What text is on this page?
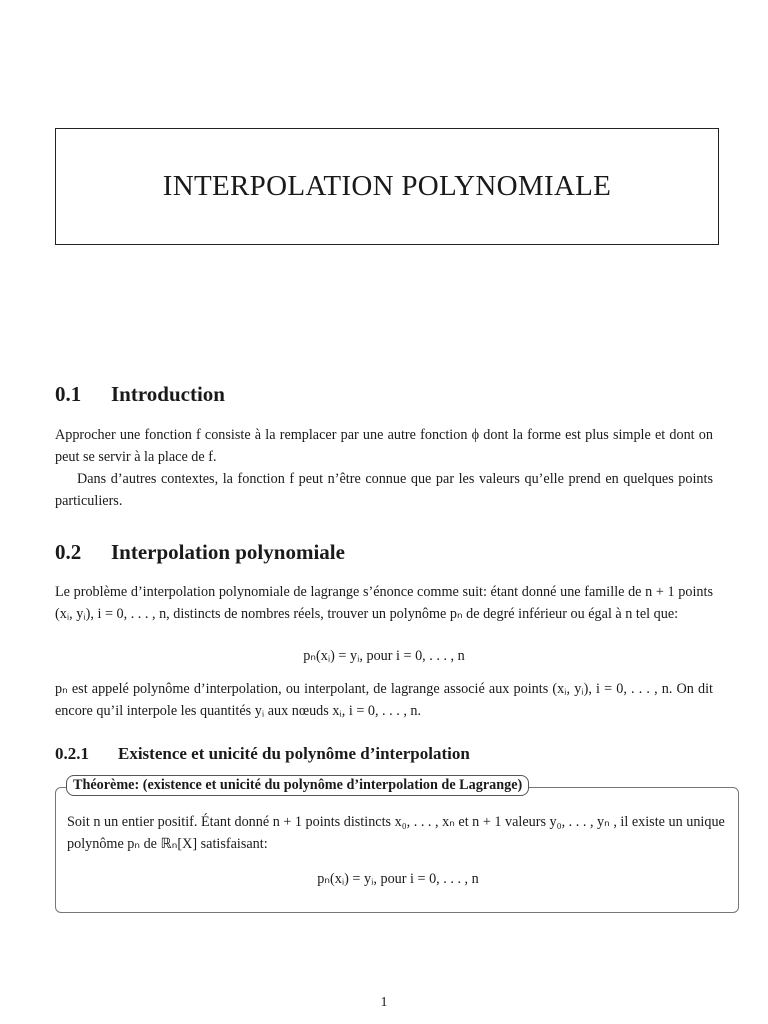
INTERPOLATION POLYNOMIALE
0.1 Introduction

Approcher une fonction f consiste à la remplacer par une autre fonction ϕ dont la forme est plus simple et dont on peut se servir à la place de f.

Dans d’autres contextes, la fonction f peut n’être connue que par les valeurs qu’elle prend en quelques points particuliers.

0.2 Interpolation polynomiale

Le problème d’interpolation polynomiale de lagrange s’énonce comme suit: étant donné une famille de n + 1 points (xᵢ, yᵢ), i = 0, . . . , n, distincts de nombres réels, trouver un polynôme pₙ de degré inférieur ou égal à n tel que:

pₙ(xᵢ) = yᵢ, pour i = 0, . . . , n

pₙ est appelé polynôme d’interpolation, ou interpolant, de lagrange associé aux points (xᵢ, yᵢ), i = 0, . . . , n. On dit encore qu’il interpole les quantités yᵢ aux nœuds xᵢ, i = 0, . . . , n.

0.2.1 Existence et unicité du polynôme d’interpolation
Théorème: (existence et unicité du polynôme d’interpolation de Lagrange)

Soit n un entier positif. Étant donné n + 1 points distincts x₀, . . . , xₙ et n + 1 valeurs y₀, . . . , yₙ , il existe un unique polynôme pₙ de ℝₙ[X] satisfaisant:

pₙ(xᵢ) = yᵢ, pour i = 0, . . . , n

1
